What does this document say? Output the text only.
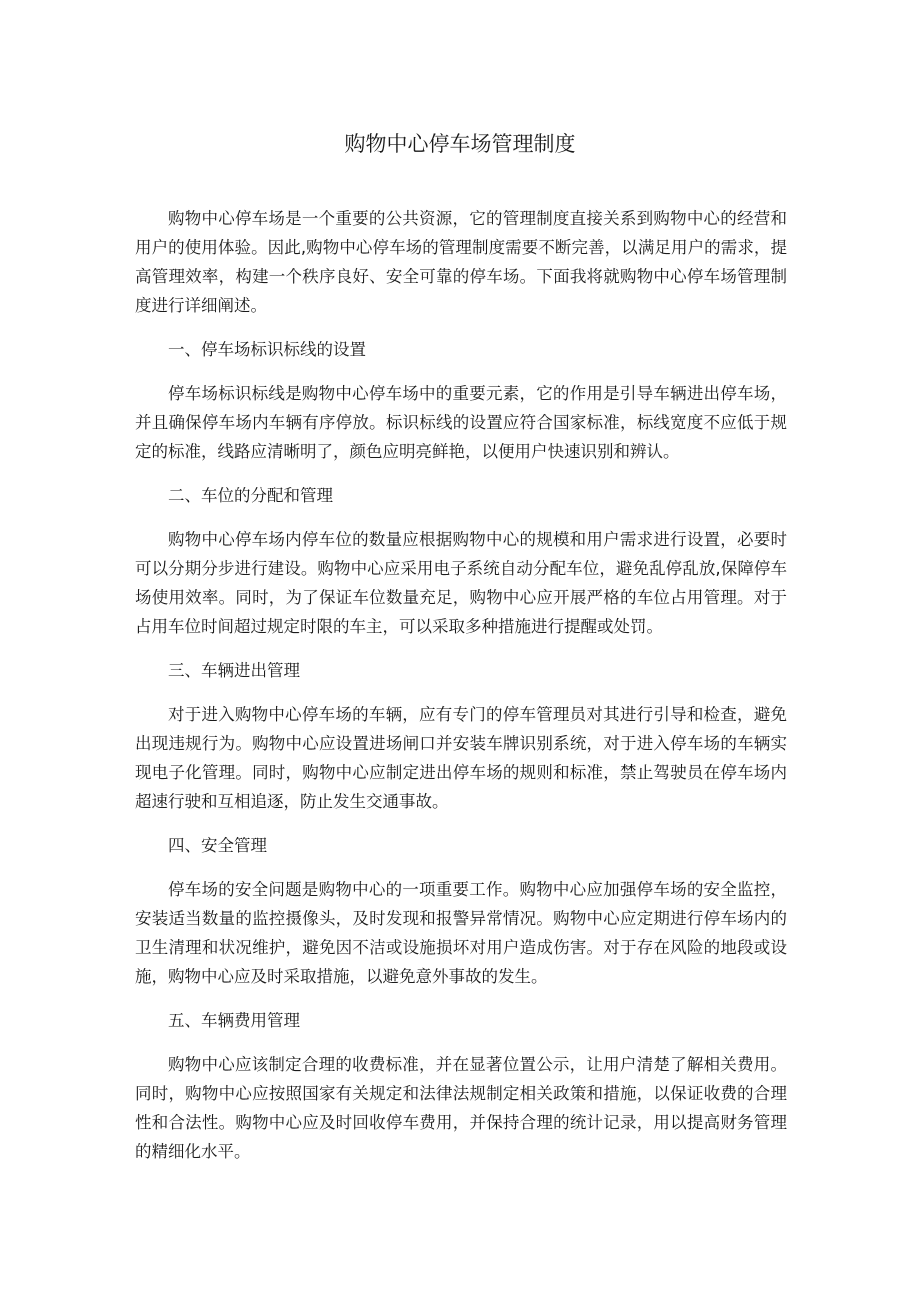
购物中心停车场管理制度

购物中心停车场是一个重要的公共资源，它的管理制度直接关系到购物中心的经营和用户的使用体验。因此,购物中心停车场的管理制度需要不断完善，以满足用户的需求，提高管理效率，构建一个秩序良好、安全可靠的停车场。下面我将就购物中心停车场管理制度进行详细阐述。

一、停车场标识标线的设置

停车场标识标线是购物中心停车场中的重要元素，它的作用是引导车辆进出停车场，并且确保停车场内车辆有序停放。标识标线的设置应符合国家标准，标线宽度不应低于规定的标准，线路应清晰明了，颜色应明亮鲜艳，以便用户快速识别和辨认。

二、车位的分配和管理

购物中心停车场内停车位的数量应根据购物中心的规模和用户需求进行设置，必要时可以分期分步进行建设。购物中心应采用电子系统自动分配车位，避免乱停乱放,保障停车场使用效率。同时，为了保证车位数量充足，购物中心应开展严格的车位占用管理。对于占用车位时间超过规定时限的车主，可以采取多种措施进行提醒或处罚。

三、车辆进出管理

对于进入购物中心停车场的车辆，应有专门的停车管理员对其进行引导和检查，避免出现违规行为。购物中心应设置进场闸口并安装车牌识别系统，对于进入停车场的车辆实现电子化管理。同时，购物中心应制定进出停车场的规则和标准，禁止驾驶员在停车场内超速行驶和互相追逐，防止发生交通事故。

四、安全管理

停车场的安全问题是购物中心的一项重要工作。购物中心应加强停车场的安全监控，安装适当数量的监控摄像头，及时发现和报警异常情况。购物中心应定期进行停车场内的卫生清理和状况维护，避免因不洁或设施损坏对用户造成伤害。对于存在风险的地段或设施，购物中心应及时采取措施，以避免意外事故的发生。

五、车辆费用管理

购物中心应该制定合理的收费标准，并在显著位置公示，让用户清楚了解相关费用。同时，购物中心应按照国家有关规定和法律法规制定相关政策和措施，以保证收费的合理性和合法性。购物中心应及时回收停车费用，并保持合理的统计记录，用以提高财务管理的精细化水平。
